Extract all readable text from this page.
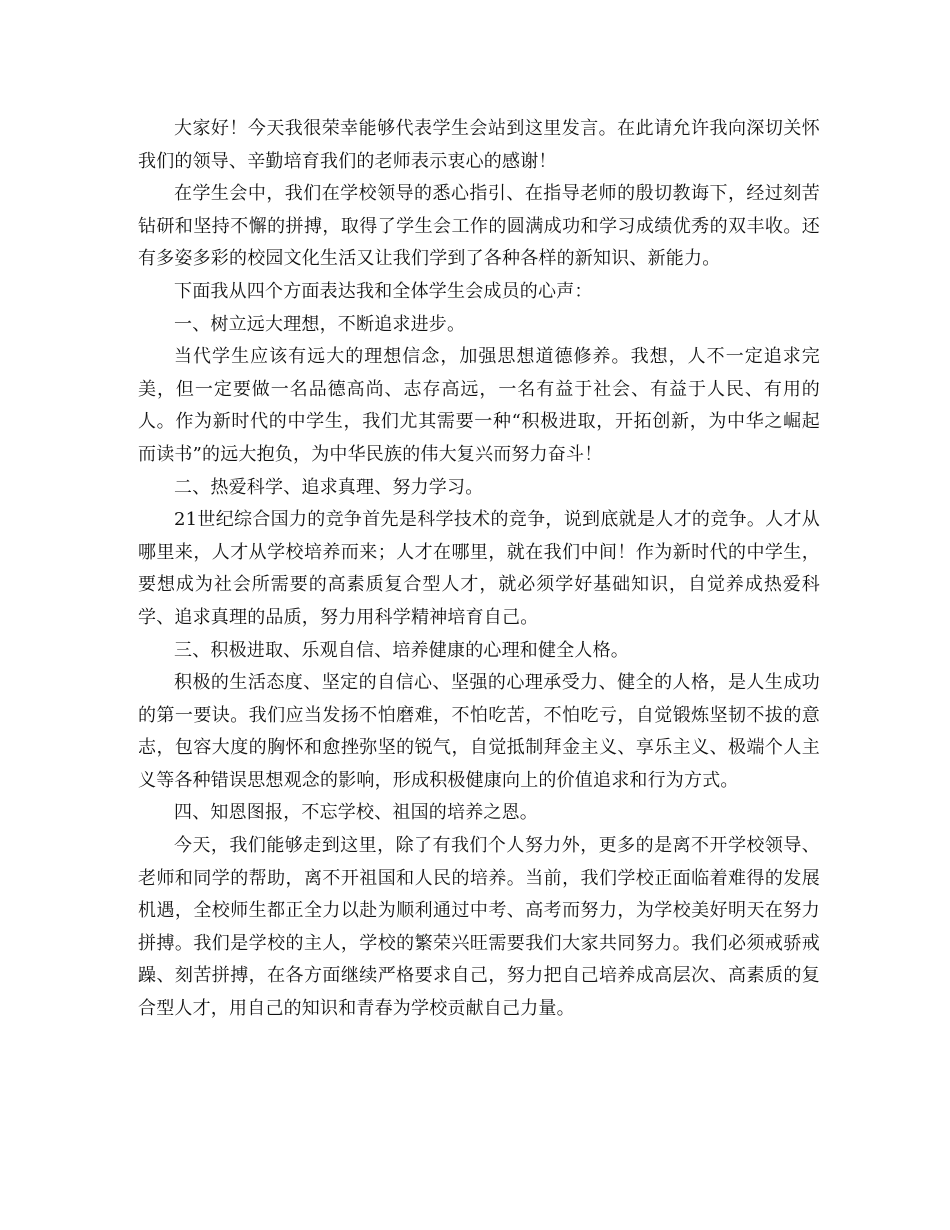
大家好！今天我很荣幸能够代表学生会站到这里发言。在此请允许我向深切关怀我们的领导、辛勤培育我们的老师表示衷心的感谢！

在学生会中，我们在学校领导的悉心指引、在指导老师的殷切教诲下，经过刻苦钻研和坚持不懈的拼搏，取得了学生会工作的圆满成功和学习成绩优秀的双丰收。还有多姿多彩的校园文化生活又让我们学到了各种各样的新知识、新能力。

下面我从四个方面表达我和全体学生会成员的心声：

一、树立远大理想，不断追求进步。

当代学生应该有远大的理想信念，加强思想道德修养。我想，人不一定追求完美，但一定要做一名品德高尚、志存高远，一名有益于社会、有益于人民、有用的人。作为新时代的中学生，我们尤其需要一种“积极进取，开拓创新，为中华之崛起而读书”的远大抱负，为中华民族的伟大复兴而努力奋斗！

二、热爱科学、追求真理、努力学习。

21世纪综合国力的竞争首先是科学技术的竞争，说到底就是人才的竞争。人才从哪里来，人才从学校培养而来；人才在哪里，就在我们中间！作为新时代的中学生，要想成为社会所需要的高素质复合型人才，就必须学好基础知识，自觉养成热爱科学、追求真理的品质，努力用科学精神培育自己。

三、积极进取、乐观自信、培养健康的心理和健全人格。

积极的生活态度、坚定的自信心、坚强的心理承受力、健全的人格，是人生成功的第一要诀。我们应当发扬不怕磨难，不怕吃苦，不怕吃亏，自觉锻炼坚韧不拔的意志，包容大度的胸怀和愈挫弥坚的锐气，自觉抵制拜金主义、享乐主义、极端个人主义等各种错误思想观念的影响，形成积极健康向上的价值追求和行为方式。

四、知恩图报，不忘学校、祖国的培养之恩。

今天，我们能够走到这里，除了有我们个人努力外，更多的是离不开学校领导、老师和同学的帮助，离不开祖国和人民的培养。当前，我们学校正面临着难得的发展机遇，全校师生都正全力以赴为顺利通过中考、高考而努力，为学校美好明天在努力拼搏。我们是学校的主人，学校的繁荣兴旺需要我们大家共同努力。我们必须戒骄戒躁、刻苦拼搏，在各方面继续严格要求自己，努力把自己培养成高层次、高素质的复合型人才，用自己的知识和青春为学校贡献自己力量。
